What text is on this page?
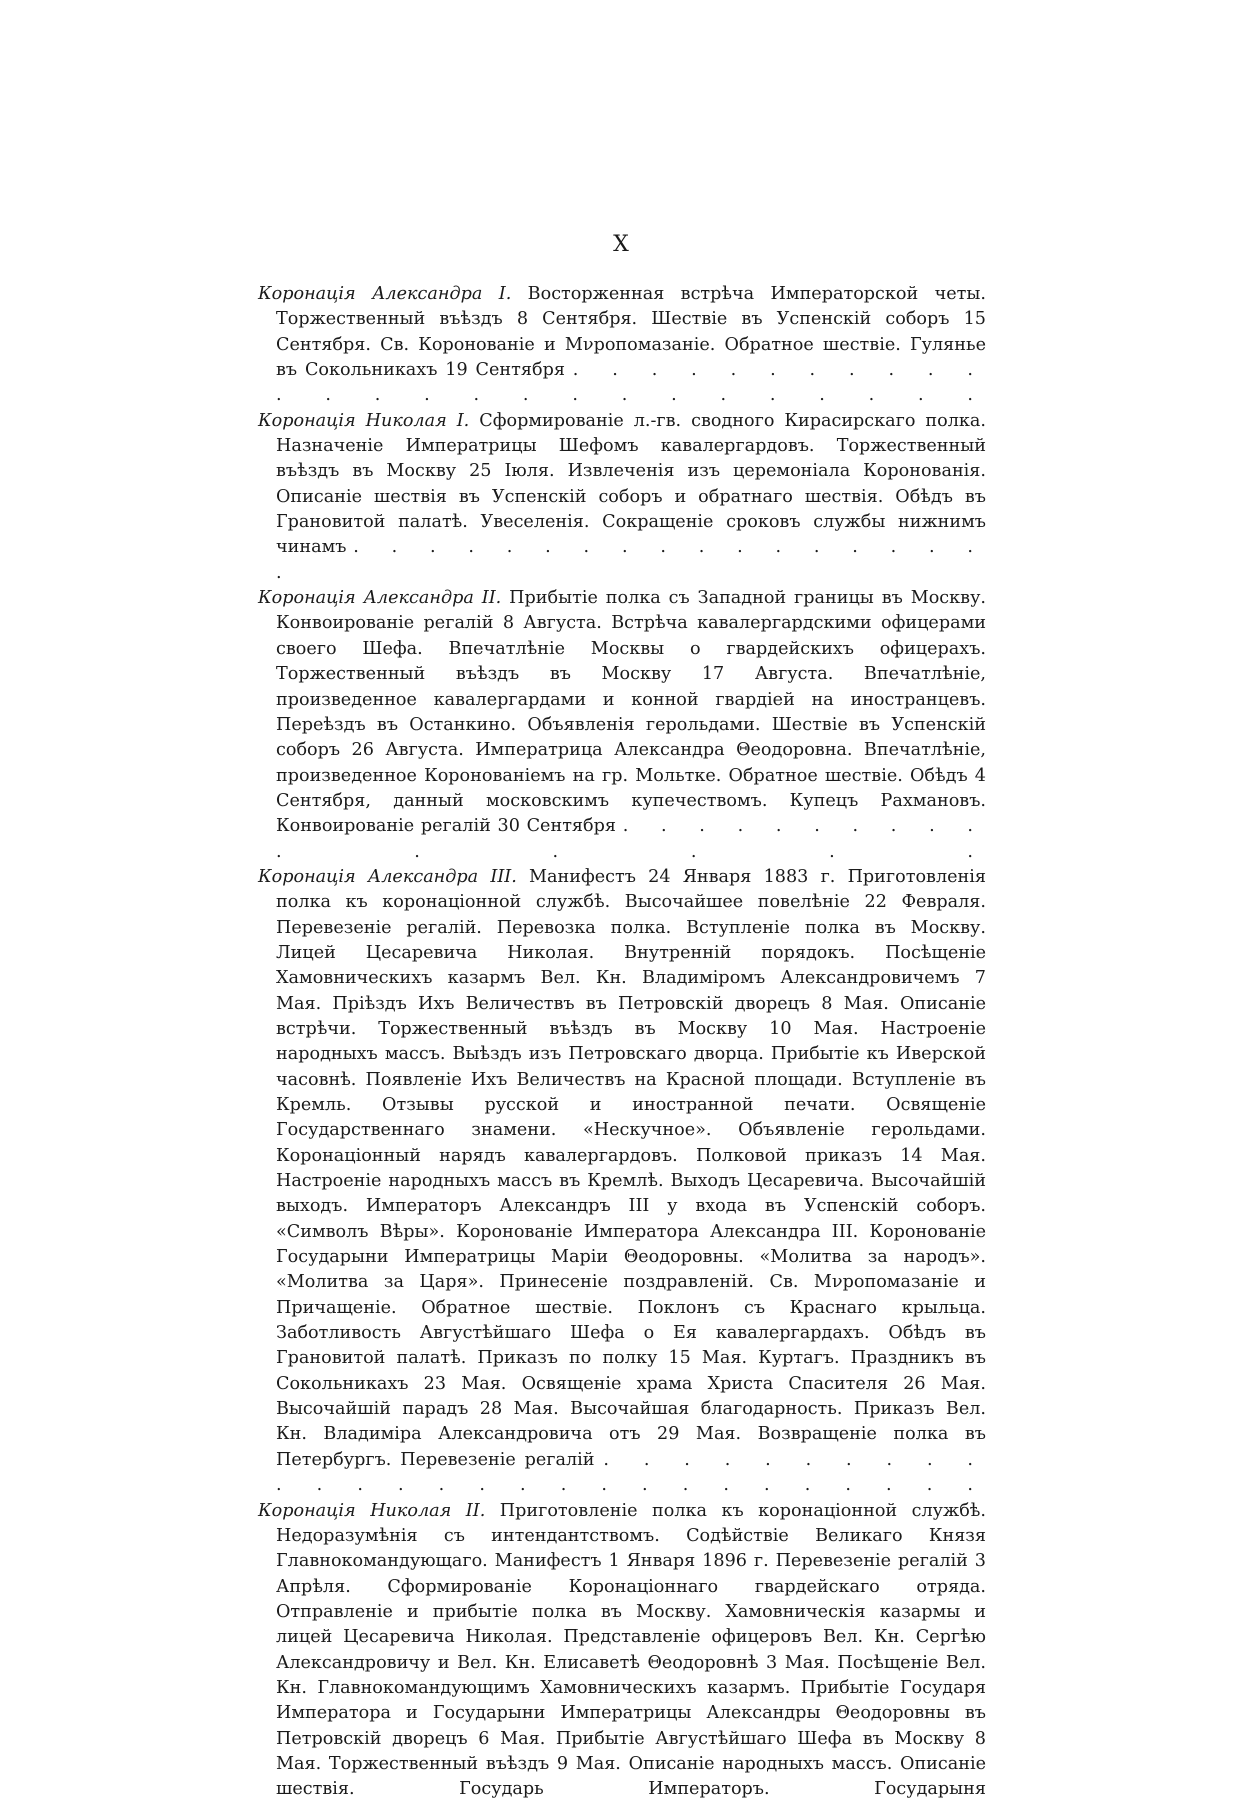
X

Коронація Александра I. Восторженная встрѣча Императорской четы. Торжественный въѣздъ 8 Сентября. Шествіе въ Успенскій соборъ 15 Сентября. Св. Коронованіе и Мνропомазаніе. Обратное шествіе. Гулянье въ Сокольникахъ 19 Сентября . . . . . . . . . . . . . . . . . . . . . . . . . .

Коронація Николая I. Сформированіе л.-гв. сводного Кирасирскаго полка. Назначеніе Императрицы Шефомъ кавалергардовъ. Торжественный въѣздъ въ Москву 25 Іюля. Извлеченія изъ церемоніала Коронованія. Описаніе шествія въ Успенскій соборъ и обратнаго шествія. Обѣдъ въ Грановитой палатѣ. Увеселенія. Сокращеніе сроковъ службы нижнимъ чинамъ . . . . . . . . . . . . . . . . . .

Коронація Александра II. Прибытіе полка съ Западной границы въ Москву. Конвоированіе регалій 8 Августа. Встрѣча кавалергардскими офицерами своего Шефа. Впечатлѣніе Москвы о гвардейскихъ офицерахъ. Торжественный въѣздъ въ Москву 17 Августа. Впечатлѣніе, произведенное кавалергардами и конной гвардіей на иностранцевъ. Переѣздъ въ Останкино. Объявленія герольдами. Шествіе въ Успенскій соборъ 26 Августа. Императрица Александра Θеодоровна. Впечатлѣніе, произведенное Коронованіемъ на гр. Мольтке. Обратное шествіе. Обѣдъ 4 Сентября, данный московскимъ купечествомъ. Купецъ Рахмановъ. Конвоированіе регалій 30 Сентября . . . . . . . . . . . . . . . .

Коронація Александра III. Манифестъ 24 Января 1883 г. Приготовленія полка къ коронаціонной службѣ. Высочайшее повелѣніе 22 Февраля. Перевезеніе регалій. Перевозка полка. Вступленіе полка въ Москву. Лицей Цесаревича Николая. Внутренній порядокъ. Посѣщеніе Хамовническихъ казармъ Вел. Кн. Владиміромъ Александровичемъ 7 Мая. Пріѣздъ Ихъ Величествъ въ Петровскій дворецъ 8 Мая. Описаніе встрѣчи. Торжественный въѣздъ въ Москву 10 Мая. Настроеніе народныхъ массъ. Выѣздъ изъ Петровскаго дворца. Прибытіе къ Иверской часовнѣ. Появленіе Ихъ Величествъ на Красной площади. Вступленіе въ Кремль. Отзывы русской и иностранной печати. Освященіе Государственнаго знамени. «Нескучное». Объявленіе герольдами. Коронаціонный нарядъ кавалергардовъ. Полковой приказъ 14 Мая. Настроеніе народныхъ массъ въ Кремлѣ. Выходъ Цесаревича. Высочайшій выходъ. Императоръ Александръ III у входа въ Успенскій соборъ. «Символъ Вѣры». Коронованіе Императора Александра III. Коронованіе Государыни Императрицы Маріи Θеодоровны. «Молитва за народъ». «Молитва за Царя». Принесеніе поздравленій. Св. Мνропомазаніе и Причащеніе. Обратное шествіе. Поклонъ съ Краснаго крыльца. Заботливость Августѣйшаго Шефа о Ея кавалергардахъ. Обѣдъ въ Грановитой палатѣ. Приказъ по полку 15 Мая. Куртагъ. Праздникъ въ Сокольникахъ 23 Мая. Освященіе храма Христа Спасителя 26 Мая. Высочайшій парадъ 28 Мая. Высочайшая благодарность. Приказъ Вел. Кн. Владиміра Александровича отъ 29 Мая. Возвращеніе полка въ Петербургъ. Перевезеніе регалій . . . . . . . . . . . . . . . . . . . . . . . . . . . .

Коронація Николая II. Приготовленіе полка къ коронаціонной службѣ. Недоразумѣнія съ интендантствомъ. Содѣйствіе Великаго Князя Главнокомандующаго. Манифестъ 1 Января 1896 г. Перевезеніе регалій 3 Апрѣля. Сформированіе Коронаціоннаго гвардейскаго отряда. Отправленіе и прибытіе полка въ Москву. Хамовническія казармы и лицей Цесаревича Николая. Представленіе офицеровъ Вел. Кн. Сергѣю Александровичу и Вел. Кн. Елисаветѣ Θеодоровнѣ 3 Мая. Посѣщеніе Вел. Кн. Главнокомандующимъ Хамовническихъ казармъ. Прибытіе Государя Императора и Государыни Императрицы Александры Θеодоровны въ Петровскій дворецъ 6 Мая. Прибытіе Августѣйшаго Шефа въ Москву 8 Мая. Торжественный въѣздъ 9 Мая. Описаніе народныхъ массъ. Описаніе шествія. Государь Императоръ. Государыня
